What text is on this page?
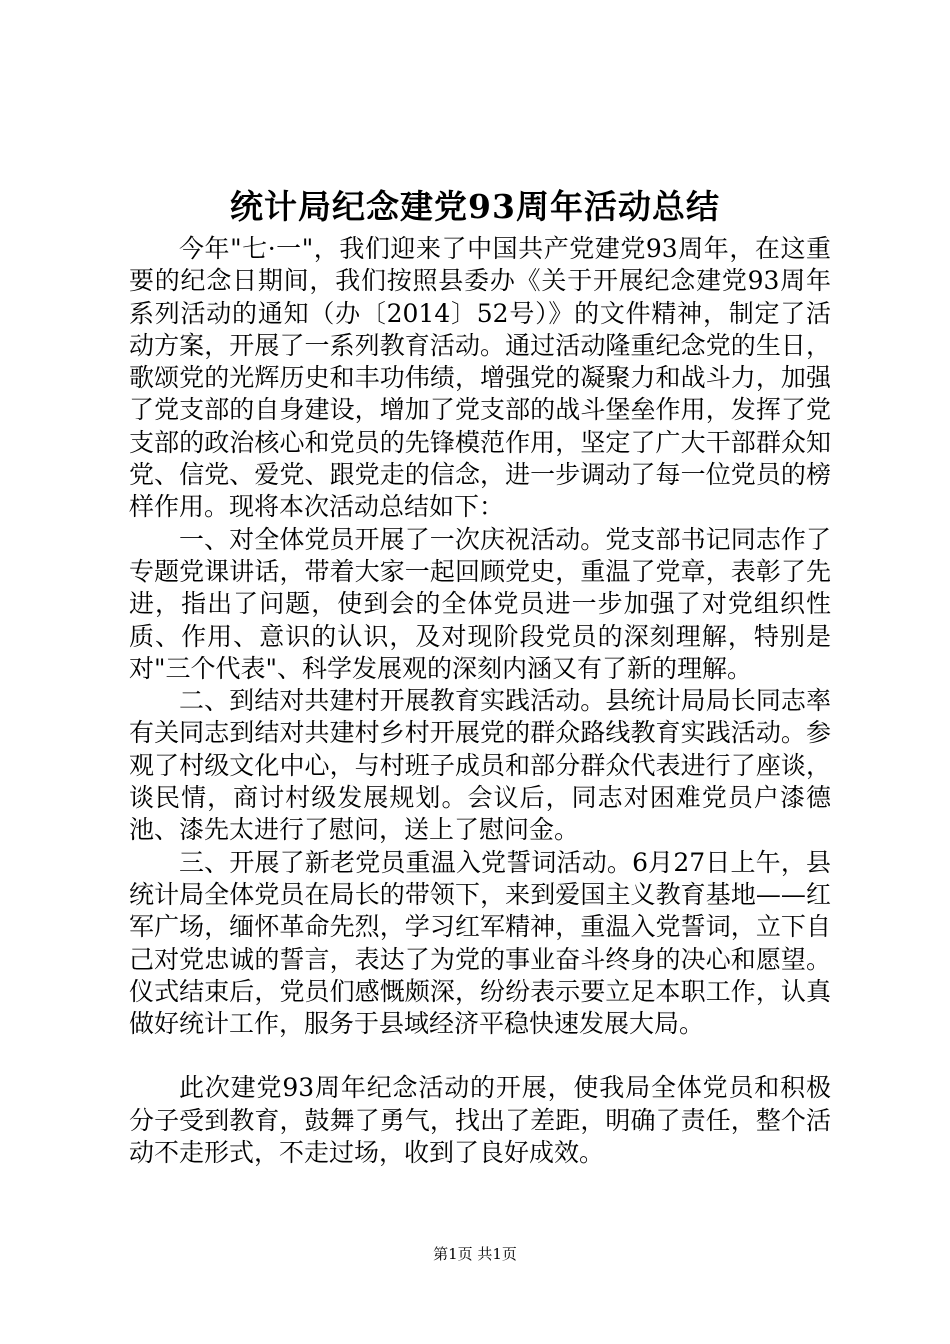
统计局纪念建党93周年活动总结

今年"七·一"，我们迎来了中国共产党建党93周年，在这重要的纪念日期间，我们按照县委办《关于开展纪念建党93周年系列活动的通知（办〔2014〕52号）》的文件精神，制定了活动方案，开展了一系列教育活动。通过活动隆重纪念党的生日，歌颂党的光辉历史和丰功伟绩，增强党的凝聚力和战斗力，加强了党支部的自身建设，增加了党支部的战斗堡垒作用，发挥了党支部的政治核心和党员的先锋模范作用，坚定了广大干部群众知党、信党、爱党、跟党走的信念，进一步调动了每一位党员的榜样作用。现将本次活动总结如下：

一、对全体党员开展了一次庆祝活动。党支部书记同志作了专题党课讲话，带着大家一起回顾党史，重温了党章，表彰了先进，指出了问题，使到会的全体党员进一步加强了对党组织性质、作用、意识的认识，及对现阶段党员的深刻理解，特别是对"三个代表"、科学发展观的深刻内涵又有了新的理解。

二、到结对共建村开展教育实践活动。县统计局局长同志率有关同志到结对共建村乡村开展党的群众路线教育实践活动。参观了村级文化中心，与村班子成员和部分群众代表进行了座谈，谈民情，商讨村级发展规划。会议后，同志对困难党员户漆德池、漆先太进行了慰问，送上了慰问金。

三、开展了新老党员重温入党誓词活动。6月27日上午，县统计局全体党员在局长的带领下，来到爱国主义教育基地——红军广场，缅怀革命先烈，学习红军精神，重温入党誓词，立下自己对党忠诚的誓言，表达了为党的事业奋斗终身的决心和愿望。仪式结束后，党员们感慨颇深，纷纷表示要立足本职工作，认真做好统计工作，服务于县域经济平稳快速发展大局。

此次建党93周年纪念活动的开展，使我局全体党员和积极分子受到教育，鼓舞了勇气，找出了差距，明确了责任，整个活动不走形式，不走过场，收到了良好成效。

第1页 共1页
